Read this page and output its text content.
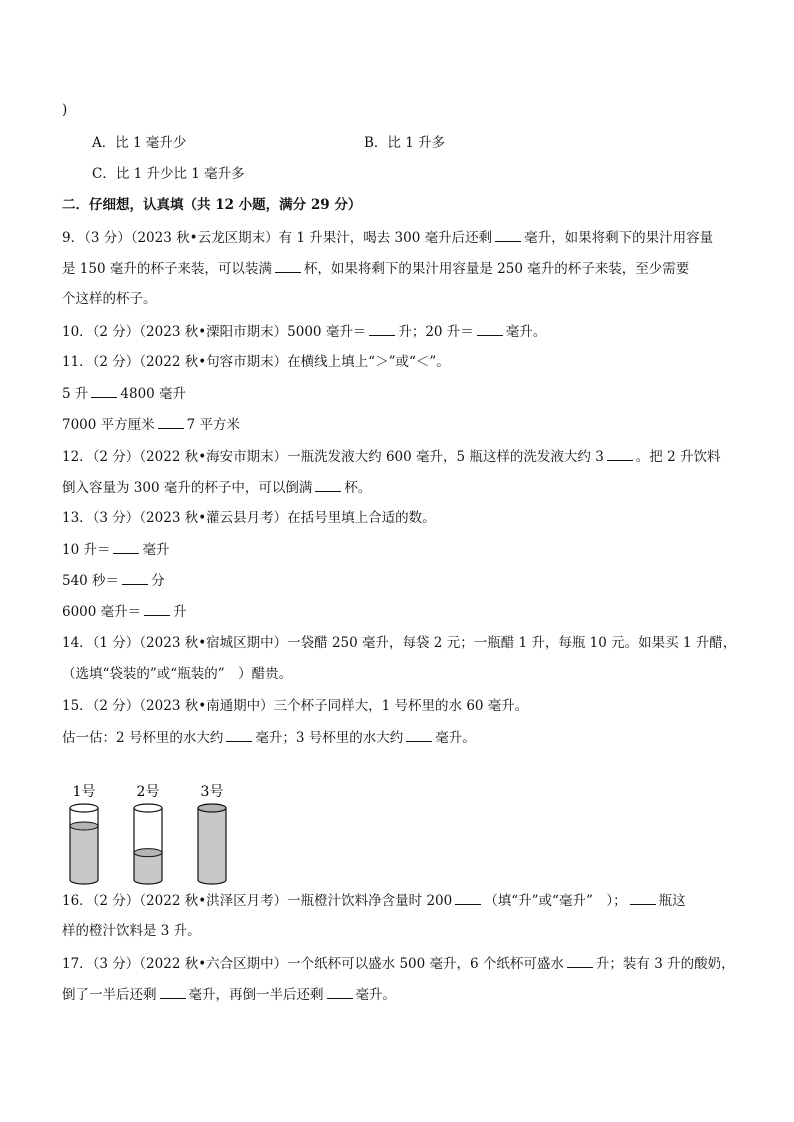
)
A．比 1 毫升少	B．比 1 升多
C．比 1 升少比 1 毫升多
二．仔细想，认真填（共 12 小题，满分 29 分）
9．（3 分）（2023 秋•云龙区期末）有 1 升果汁，喝去 300 毫升后还剩 毫升，如果将剩下的果汁用容量
是 150 毫升的杯子来装，可以装满 杯，如果将剩下的果汁用容量是 250 毫升的杯子来装，至少需要
个这样的杯子。
10．（2 分）（2023 秋•溧阳市期末）5000 毫升＝ 升；20 升＝ 毫升。
11．（2 分）（2022 秋•句容市期末）在横线上填上“＞”或“＜”。
5 升 4800 毫升
7000 平方厘米 7 平方米
12．（2 分）（2022 秋•海安市期末）一瓶洗发液大约 600 毫升，5 瓶这样的洗发液大约 3 。把 2 升饮料
倒入容量为 300 毫升的杯子中，可以倒满 杯。
13．（3 分）（2023 秋•灌云县月考）在括号里填上合适的数。
10 升＝ 毫升
540 秒＝ 分
6000 毫升＝ 升
14．（1 分）（2023 秋•宿城区期中）一袋醋 250 毫升，每袋 2 元；一瓶醋 1 升，每瓶 10 元。如果买 1 升醋，
（选填“袋装的”或“瓶装的”　）醋贵。
15．（2 分）（2023 秋•南通期中）三个杯子同样大，1 号杯里的水 60 毫升。
估一估：2 号杯里的水大约 毫升；3 号杯里的水大约 毫升。
1号	2号	3号
16．（2 分）（2022 秋•洪泽区月考）一瓶橙汁饮料净含量时 200 （填“升”或“毫升”　）； 瓶这
样的橙汁饮料是 3 升。
17．（3 分）（2022 秋•六合区期中）一个纸杯可以盛水 500 毫升，6 个纸杯可盛水 升；装有 3 升的酸奶，
倒了一半后还剩 毫升，再倒一半后还剩 毫升。
